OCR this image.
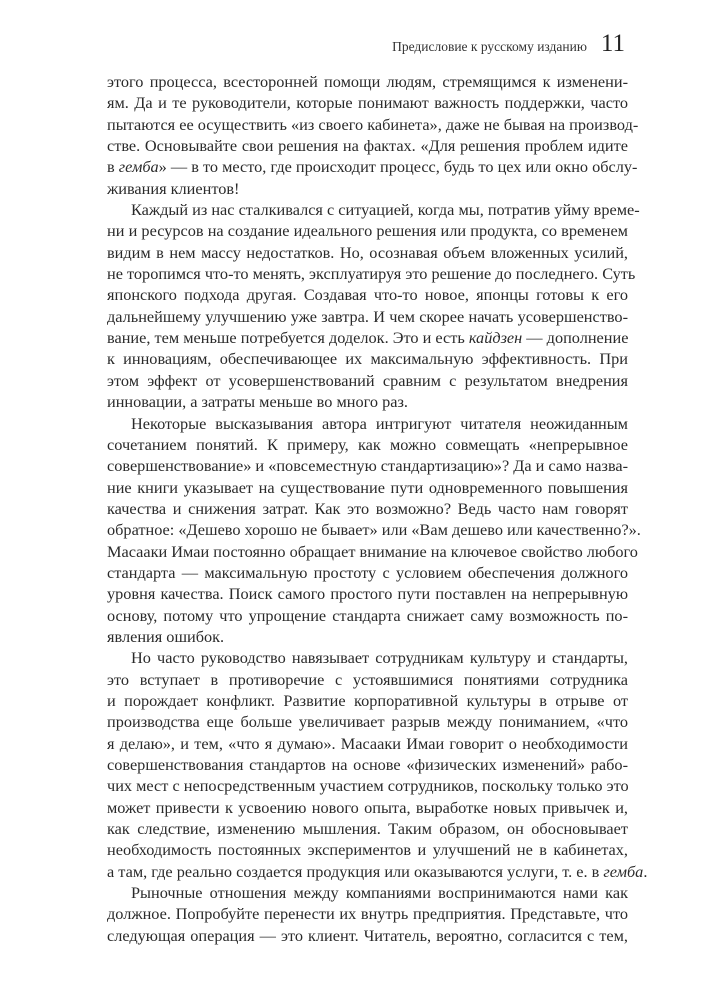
Предисловие к русскому изданию 11
этого процесса, всесторонней помощи людям, стремящимся к изменени-
ям. Да и те руководители, которые понимают важность поддержки, часто
пытаются ее осуществить «из своего кабинета», даже не бывая на производ-
стве. Основывайте свои решения на фактах. «Для решения проблем идите
в гемба» — в то место, где происходит процесс, будь то цех или окно обслу-
живания клиентов!
Каждый из нас сталкивался с ситуацией, когда мы, потратив уйму време-
ни и ресурсов на создание идеального решения или продукта, со временем
видим в нем массу недостатков. Но, осознавая объем вложенных усилий,
не торопимся что-то менять, эксплуатируя это решение до последнего. Суть
японского подхода другая. Создавая что-то новое, японцы готовы к его
дальнейшему улучшению уже завтра. И чем скорее начать усовершенство-
вание, тем меньше потребуется доделок. Это и есть кайдзен — дополнение
к инновациям, обеспечивающее их максимальную эффективность. При
этом эффект от усовершенствований сравним с результатом внедрения
инновации, а затраты меньше во много раз.
Некоторые высказывания автора интригуют читателя неожиданным
сочетанием понятий. К примеру, как можно совмещать «непрерывное
совершенствование» и «повсеместную стандартизацию»? Да и само назва-
ние книги указывает на существование пути одновременного повышения
качества и снижения затрат. Как это возможно? Ведь часто нам говорят
обратное: «Дешево хорошо не бывает» или «Вам дешево или качественно?».
Масааки Имаи постоянно обращает внимание на ключевое свойство любого
стандарта — максимальную простоту с условием обеспечения должного
уровня качества. Поиск самого простого пути поставлен на непрерывную
основу, потому что упрощение стандарта снижает саму возможность по-
явления ошибок.
Но часто руководство навязывает сотрудникам культуру и стандарты,
это вступает в противоречие с устоявшимися понятиями сотрудника
и порождает конфликт. Развитие корпоративной культуры в отрыве от
производства еще больше увеличивает разрыв между пониманием, «что
я делаю», и тем, «что я думаю». Масааки Имаи говорит о необходимости
совершенствования стандартов на основе «физических изменений» рабо-
чих мест с непосредственным участием сотрудников, поскольку только это
может привести к усвоению нового опыта, выработке новых привычек и,
как следствие, изменению мышления. Таким образом, он обосновывает
необходимость постоянных экспериментов и улучшений не в кабинетах,
а там, где реально создается продукция или оказываются услуги, т. е. в гемба.
Рыночные отношения между компаниями воспринимаются нами как
должное. Попробуйте перенести их внутрь предприятия. Представьте, что
следующая операция — это клиент. Читатель, вероятно, согласится с тем,
